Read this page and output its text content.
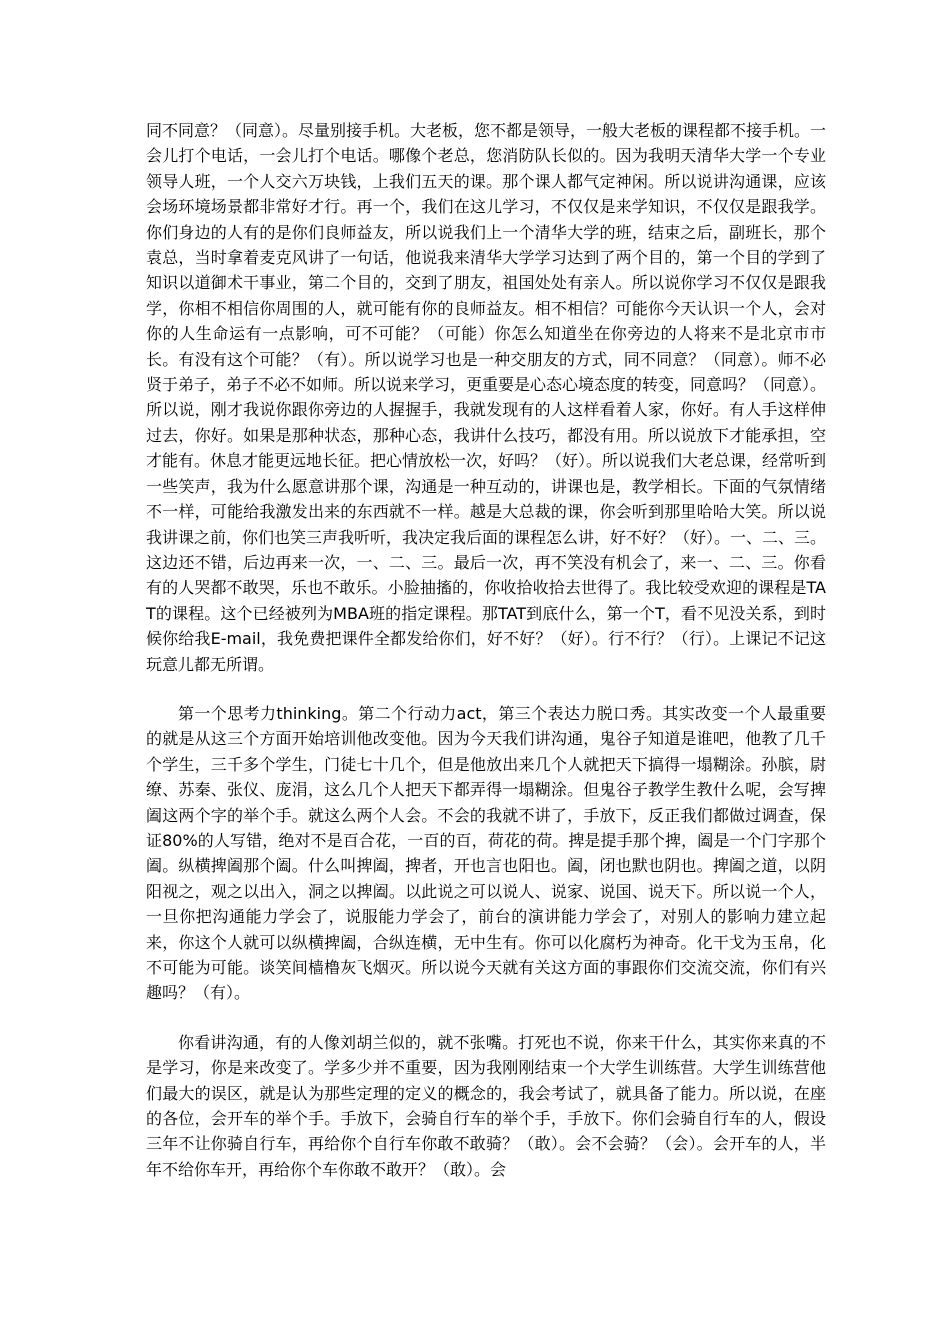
同不同意？（同意）。尽量别接手机。大老板，您不都是领导，一般大老板的课程都不接手机。一会儿打个电话，一会儿打个电话。哪像个老总，您消防队长似的。因为我明天清华大学一个专业领导人班，一个人交六万块钱，上我们五天的课。那个课人都气定神闲。所以说讲沟通课，应该会场环境场景都非常好才行。再一个，我们在这儿学习，不仅仅是来学知识，不仅仅是跟我学。你们身边的人有的是你们良师益友，所以说我们上一个清华大学的班，结束之后，副班长，那个袁总，当时拿着麦克风讲了一句话，他说我来清华大学学习达到了两个目的，第一个目的学到了知识以道御术干事业，第二个目的，交到了朋友，祖国处处有亲人。所以说你学习不仅仅是跟我学，你相不相信你周围的人，就可能有你的良师益友。相不相信？可能你今天认识一个人，会对你的人生命运有一点影响，可不可能？（可能）你怎么知道坐在你旁边的人将来不是北京市市长。有没有这个可能？（有）。所以说学习也是一种交朋友的方式，同不同意？（同意）。师不必贤于弟子，弟子不必不如师。所以说来学习，更重要是心态心境态度的转变，同意吗？（同意）。所以说，刚才我说你跟你旁边的人握握手，我就发现有的人这样看着人家，你好。有人手这样伸过去，你好。如果是那种状态，那种心态，我讲什么技巧，都没有用。所以说放下才能承担，空才能有。休息才能更远地长征。把心情放松一次，好吗？（好）。所以说我们大老总课，经常听到一些笑声，我为什么愿意讲那个课，沟通是一种互动的，讲课也是，教学相长。下面的气氛情绪不一样，可能给我激发出来的东西就不一样。越是大总裁的课，你会听到那里哈哈大笑。所以说我讲课之前，你们也笑三声我听听，我决定我后面的课程怎么讲，好不好？（好）。一、二、三。这边还不错，后边再来一次，一、二、三。最后一次，再不笑没有机会了，来一、二、三。你看有的人哭都不敢哭，乐也不敢乐。小脸抽搐的，你收拾收拾去世得了。我比较受欢迎的课程是TAT的课程。这个已经被列为MBA班的指定课程。那TAT到底什么，第一个T，看不见没关系，到时候你给我E-mail，我免费把课件全都发给你们，好不好？（好）。行不行？（行）。上课记不记这玩意儿都无所谓。

第一个思考力thinking。第二个行动力act，第三个表达力脱口秀。其实改变一个人最重要的就是从这三个方面开始培训他改变他。因为今天我们讲沟通，鬼谷子知道是谁吧，他教了几千个学生，三千多个学生，门徒七十几个，但是他放出来几个人就把天下搞得一塌糊涂。孙膑，尉缭、苏秦、张仪、庞涓，这么几个人把天下都弄得一塌糊涂。但鬼谷子教学生教什么呢，会写捭阖这两个字的举个手。就这么两个人会。不会的我就不讲了，手放下，反正我们都做过调查，保证80%的人写错，绝对不是百合花，一百的百，荷花的荷。捭是提手那个捭，阖是一个门字那个阖。纵横捭阖那个阖。什么叫捭阖，捭者，开也言也阳也。阖，闭也默也阴也。捭阖之道，以阴阳视之，观之以出入，洞之以捭阖。以此说之可以说人、说家、说国、说天下。所以说一个人，一旦你把沟通能力学会了，说服能力学会了，前台的演讲能力学会了，对别人的影响力建立起来，你这个人就可以纵横捭阖，合纵连横，无中生有。你可以化腐朽为神奇。化干戈为玉帛，化不可能为可能。谈笑间樯橹灰飞烟灭。所以说今天就有关这方面的事跟你们交流交流，你们有兴趣吗？（有）。

你看讲沟通，有的人像刘胡兰似的，就不张嘴。打死也不说，你来干什么，其实你来真的不是学习，你是来改变了。学多少并不重要，因为我刚刚结束一个大学生训练营。大学生训练营他们最大的误区，就是认为那些定理的定义的概念的，我会考试了，就具备了能力。所以说，在座的各位，会开车的举个手。手放下，会骑自行车的举个手，手放下。你们会骑自行车的人，假设三年不让你骑自行车，再给你个自行车你敢不敢骑？（敢）。会不会骑？（会）。会开车的人，半年不给你车开，再给你个车你敢不敢开？（敢）。会
